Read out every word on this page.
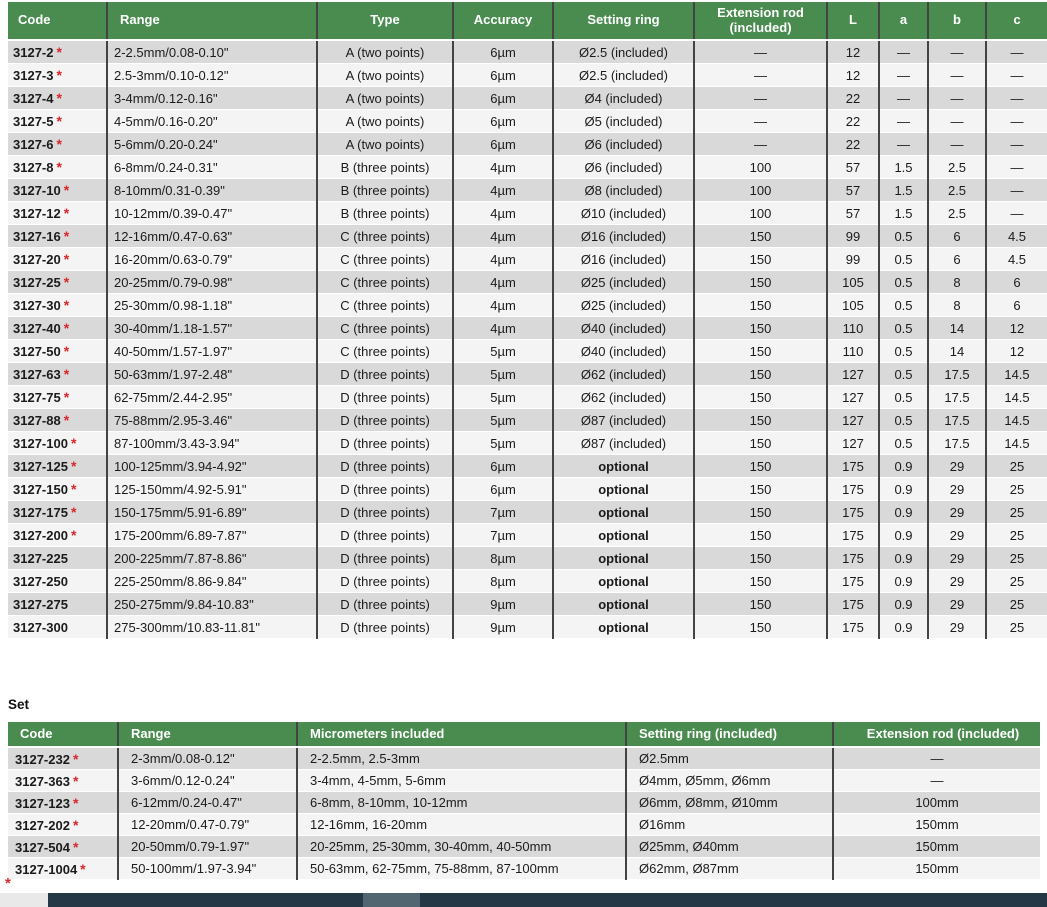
Code	Range	Type	Accuracy	Setting ring	Extension rod (included)	L	a	b	c
3127-2 *	2-2.5mm/0.08-0.10"	A (two points)	6µm	Ø2.5 (included)	—	12	—	—	—
3127-3 *	2.5-3mm/0.10-0.12"	A (two points)	6µm	Ø2.5 (included)	—	12	—	—	—
3127-4 *	3-4mm/0.12-0.16"	A (two points)	6µm	Ø4 (included)	—	22	—	—	—
3127-5 *	4-5mm/0.16-0.20"	A (two points)	6µm	Ø5 (included)	—	22	—	—	—
3127-6 *	5-6mm/0.20-0.24"	A (two points)	6µm	Ø6 (included)	—	22	—	—	—
3127-8 *	6-8mm/0.24-0.31"	B (three points)	4µm	Ø6 (included)	100	57	1.5	2.5	—
3127-10 *	8-10mm/0.31-0.39"	B (three points)	4µm	Ø8 (included)	100	57	1.5	2.5	—
3127-12 *	10-12mm/0.39-0.47"	B (three points)	4µm	Ø10 (included)	100	57	1.5	2.5	—
3127-16 *	12-16mm/0.47-0.63"	C (three points)	4µm	Ø16 (included)	150	99	0.5	6	4.5
3127-20 *	16-20mm/0.63-0.79"	C (three points)	4µm	Ø16 (included)	150	99	0.5	6	4.5
3127-25 *	20-25mm/0.79-0.98"	C (three points)	4µm	Ø25 (included)	150	105	0.5	8	6
3127-30 *	25-30mm/0.98-1.18"	C (three points)	4µm	Ø25 (included)	150	105	0.5	8	6
3127-40 *	30-40mm/1.18-1.57"	C (three points)	4µm	Ø40 (included)	150	110	0.5	14	12
3127-50 *	40-50mm/1.57-1.97"	C (three points)	5µm	Ø40 (included)	150	110	0.5	14	12
3127-63 *	50-63mm/1.97-2.48"	D (three points)	5µm	Ø62 (included)	150	127	0.5	17.5	14.5
3127-75 *	62-75mm/2.44-2.95"	D (three points)	5µm	Ø62 (included)	150	127	0.5	17.5	14.5
3127-88 *	75-88mm/2.95-3.46"	D (three points)	5µm	Ø87 (included)	150	127	0.5	17.5	14.5
3127-100 *	87-100mm/3.43-3.94"	D (three points)	5µm	Ø87 (included)	150	127	0.5	17.5	14.5
3127-125 *	100-125mm/3.94-4.92"	D (three points)	6µm	optional	150	175	0.9	29	25
3127-150 *	125-150mm/4.92-5.91"	D (three points)	6µm	optional	150	175	0.9	29	25
3127-175 *	150-175mm/5.91-6.89"	D (three points)	7µm	optional	150	175	0.9	29	25
3127-200 *	175-200mm/6.89-7.87"	D (three points)	7µm	optional	150	175	0.9	29	25
3127-225	200-225mm/7.87-8.86"	D (three points)	8µm	optional	150	175	0.9	29	25
3127-250	225-250mm/8.86-9.84"	D (three points)	8µm	optional	150	175	0.9	29	25
3127-275	250-275mm/9.84-10.83"	D (three points)	9µm	optional	150	175	0.9	29	25
3127-300	275-300mm/10.83-11.81"	D (three points)	9µm	optional	150	175	0.9	29	25
Set
Code	Range	Micrometers included	Setting ring (included)	Extension rod (included)
3127-232 *	2-3mm/0.08-0.12"	2-2.5mm, 2.5-3mm	Ø2.5mm	—
3127-363 *	3-6mm/0.12-0.24"	3-4mm, 4-5mm, 5-6mm	Ø4mm, Ø5mm, Ø6mm	—
3127-123 *	6-12mm/0.24-0.47"	6-8mm, 8-10mm, 10-12mm	Ø6mm, Ø8mm, Ø10mm	100mm
3127-202 *	12-20mm/0.47-0.79"	12-16mm, 16-20mm	Ø16mm	150mm
3127-504 *	20-50mm/0.79-1.97"	20-25mm, 25-30mm, 30-40mm, 40-50mm	Ø25mm, Ø40mm	150mm
3127-1004 *	50-100mm/1.97-3.94"	50-63mm, 62-75mm, 75-88mm, 87-100mm	Ø62mm, Ø87mm	150mm
*
